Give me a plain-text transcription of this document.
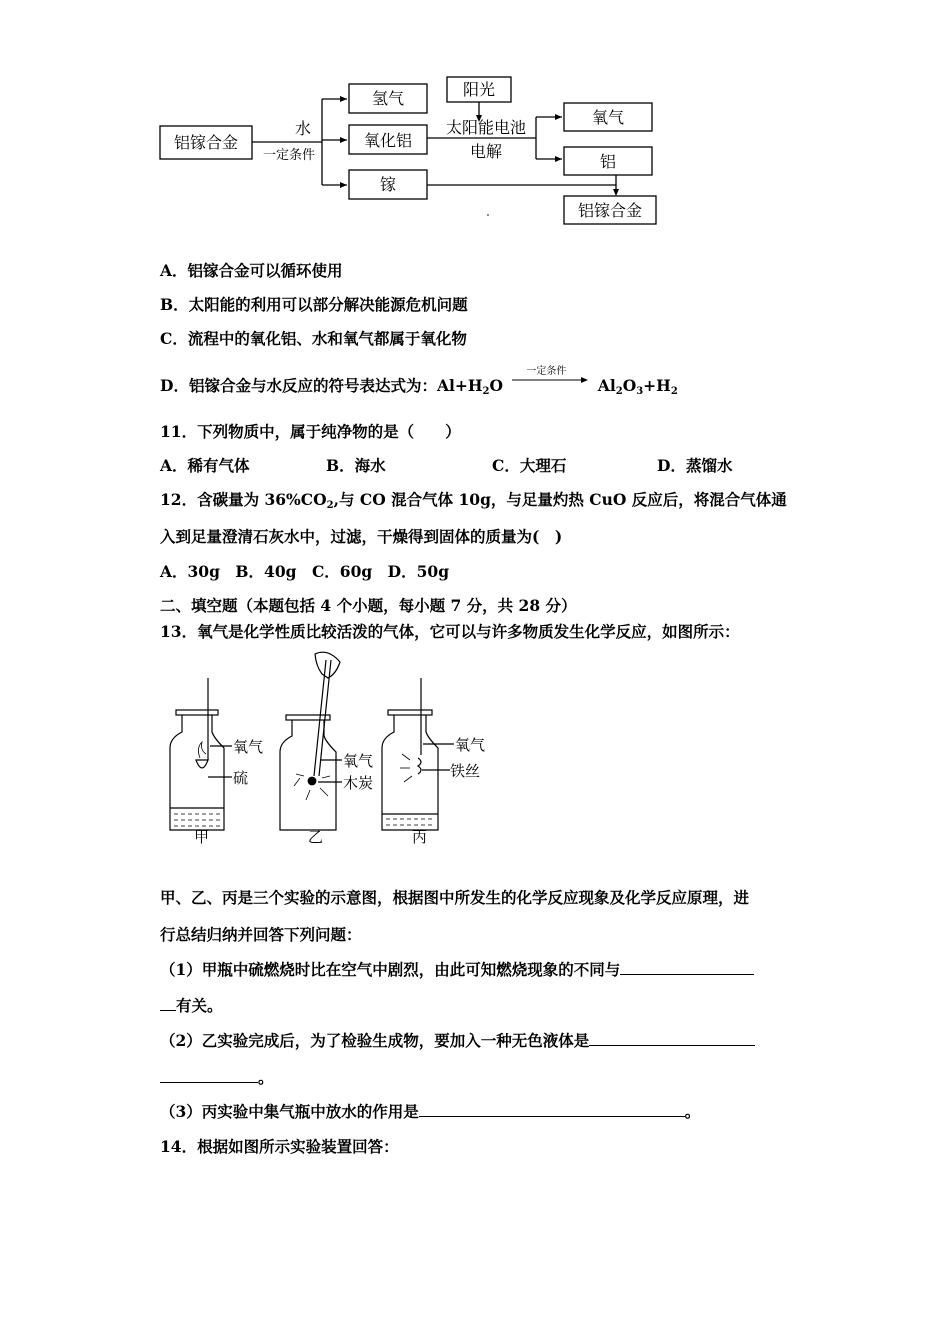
铝镓合金
水
一定条件
氢气
氧化铝
镓
阳光
太阳能电池
电解
氧气
铝
铝镓合金
A．铝镓合金可以循环使用
B．太阳能的利用可以部分解决能源危机问题
C．流程中的氧化铝、水和氧气都属于氧化物
D．铝镓合金与水反应的符号表达式为：$Al+H_2O$
一定条件
$Al_2O_3+H_2$
11．下列物质中，属于纯净物的是（　　）
A．稀有气体	B．海水	C．大理石	D．蒸馏水
12．含碳量为 $36\%CO_2$,与 CO 混合气体 10g，与足量灼热 CuO 反应后，将混合气体通
入到足量澄清石灰水中，过滤，干燥得到固体的质量为(　)
A．30g　B．40g　C．60g　D．50g
二、填空题（本题包括 4 个小题，每小题 7 分，共 28 分）
13．氧气是化学性质比较活泼的气体，它可以与许多物质发生化学反应，如图所示：
氧气
硫
氧气
木炭
氧气
铁丝
甲	乙	丙
甲、乙、丙是三个实验的示意图，根据图中所发生的化学反应现象及化学反应原理，进
行总结归纳并回答下列问题：
（1）甲瓶中硫燃烧时比在空气中剧烈，由此可知燃烧现象的不同与
有关。
（2）乙实验完成后，为了检验生成物，要加入一种无色液体是
。
（3）丙实验中集气瓶中放水的作用是	。
14．根据如图所示实验装置回答：
